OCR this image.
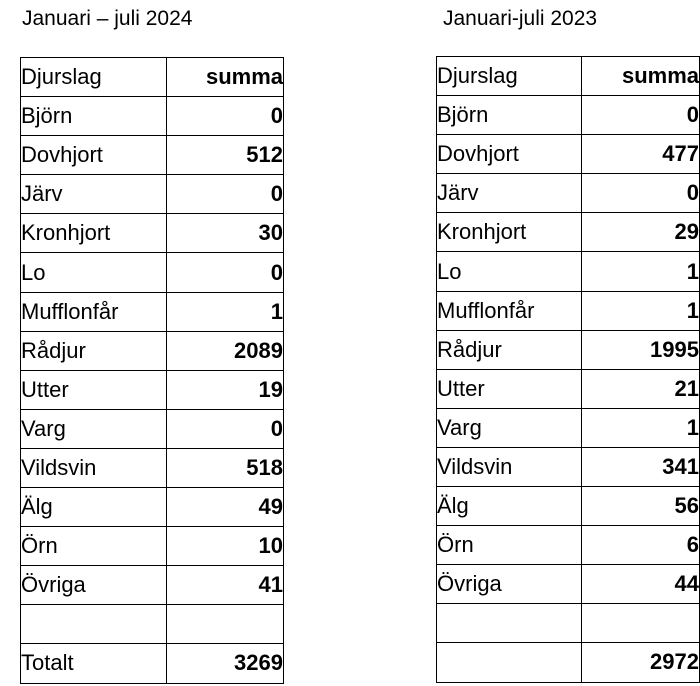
Januari – juli 2024	Januari-juli 2023
Djurslag	summa
Björn	0
Dovhjort	512
Järv	0
Kronhjort	30
Lo	0
Mufflonfår	1
Rådjur	2089
Utter	19
Varg	0
Vildsvin	518
Älg	49
Örn	10
Övriga	41

Totalt	3269
Djurslag	summa
Björn	0
Dovhjort	477
Järv	0
Kronhjort	29
Lo	1
Mufflonfår	1
Rådjur	1995
Utter	21
Varg	1
Vildsvin	341
Älg	56
Örn	6
Övriga	44

	2972
